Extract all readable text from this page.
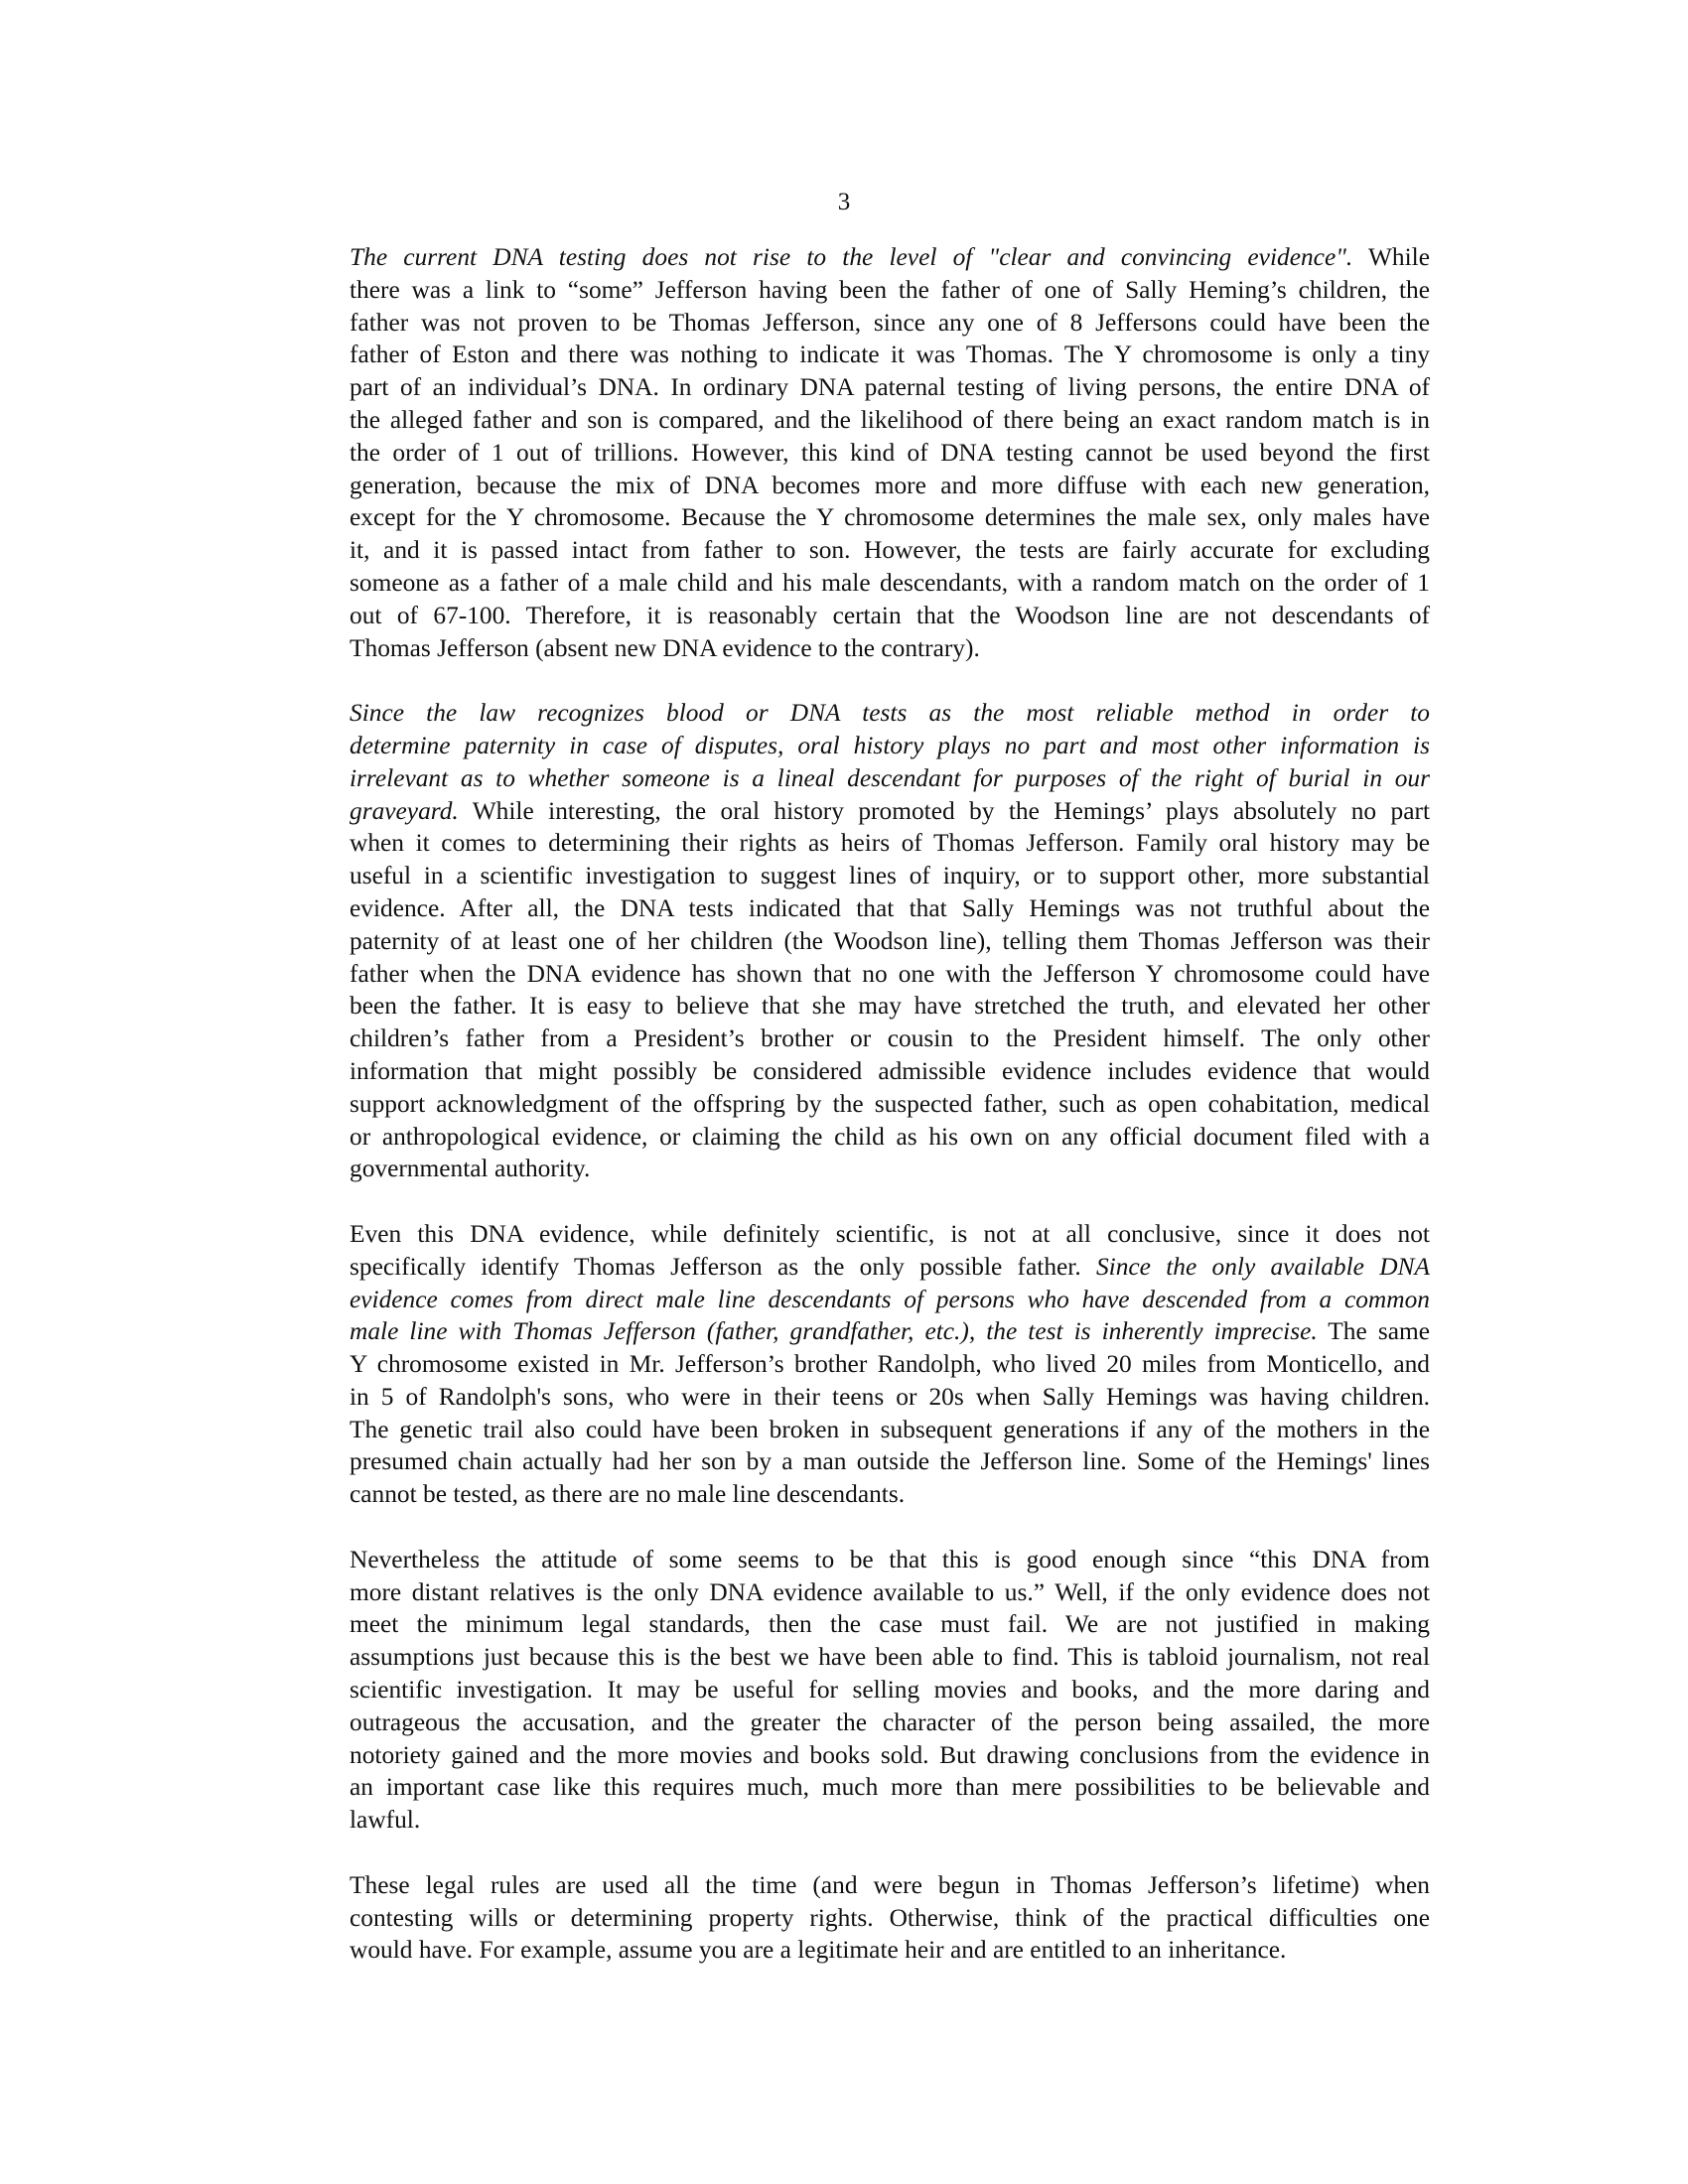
3

The current DNA testing does not rise to the level of "clear and convincing evidence". While
there was a link to “some” Jefferson having been the father of one of Sally Heming’s children, the
father was not proven to be Thomas Jefferson, since any one of 8 Jeffersons could have been the
father of Eston and there was nothing to indicate it was Thomas. The Y chromosome is only a tiny
part of an individual’s DNA. In ordinary DNA paternal testing of living persons, the entire DNA of
the alleged father and son is compared, and the likelihood of there being an exact random match is in
the order of 1 out of trillions. However, this kind of DNA testing cannot be used beyond the first
generation, because the mix of DNA becomes more and more diffuse with each new generation,
except for the Y chromosome. Because the Y chromosome determines the male sex, only males have
it, and it is passed intact from father to son. However, the tests are fairly accurate for excluding
someone as a father of a male child and his male descendants, with a random match on the order of 1
out of 67-100. Therefore, it is reasonably certain that the Woodson line are not descendants of
Thomas Jefferson (absent new DNA evidence to the contrary).

Since the law recognizes blood or DNA tests as the most reliable method in order to
determine paternity in case of disputes, oral history plays no part and most other information is
irrelevant as to whether someone is a lineal descendant for purposes of the right of burial in our
graveyard. While interesting, the oral history promoted by the Hemings’ plays absolutely no part
when it comes to determining their rights as heirs of Thomas Jefferson. Family oral history may be
useful in a scientific investigation to suggest lines of inquiry, or to support other, more substantial
evidence. After all, the DNA tests indicated that that Sally Hemings was not truthful about the
paternity of at least one of her children (the Woodson line), telling them Thomas Jefferson was their
father when the DNA evidence has shown that no one with the Jefferson Y chromosome could have
been the father. It is easy to believe that she may have stretched the truth, and elevated her other
children’s father from a President’s brother or cousin to the President himself. The only other
information that might possibly be considered admissible evidence includes evidence that would
support acknowledgment of the offspring by the suspected father, such as open cohabitation, medical
or anthropological evidence, or claiming the child as his own on any official document filed with a
governmental authority.

Even this DNA evidence, while definitely scientific, is not at all conclusive, since it does not
specifically identify Thomas Jefferson as the only possible father. Since the only available DNA
evidence comes from direct male line descendants of persons who have descended from a common
male line with Thomas Jefferson (father, grandfather, etc.), the test is inherently imprecise. The same
Y chromosome existed in Mr. Jefferson’s brother Randolph, who lived 20 miles from Monticello, and
in 5 of Randolph's sons, who were in their teens or 20s when Sally Hemings was having children.
The genetic trail also could have been broken in subsequent generations if any of the mothers in the
presumed chain actually had her son by a man outside the Jefferson line. Some of the Hemings' lines
cannot be tested, as there are no male line descendants.

Nevertheless the attitude of some seems to be that this is good enough since “this DNA from
more distant relatives is the only DNA evidence available to us.” Well, if the only evidence does not
meet the minimum legal standards, then the case must fail. We are not justified in making
assumptions just because this is the best we have been able to find. This is tabloid journalism, not real
scientific investigation. It may be useful for selling movies and books, and the more daring and
outrageous the accusation, and the greater the character of the person being assailed, the more
notoriety gained and the more movies and books sold. But drawing conclusions from the evidence in
an important case like this requires much, much more than mere possibilities to be believable and
lawful.

These legal rules are used all the time (and were begun in Thomas Jefferson’s lifetime) when
contesting wills or determining property rights. Otherwise, think of the practical difficulties one
would have. For example, assume you are a legitimate heir and are entitled to an inheritance.
